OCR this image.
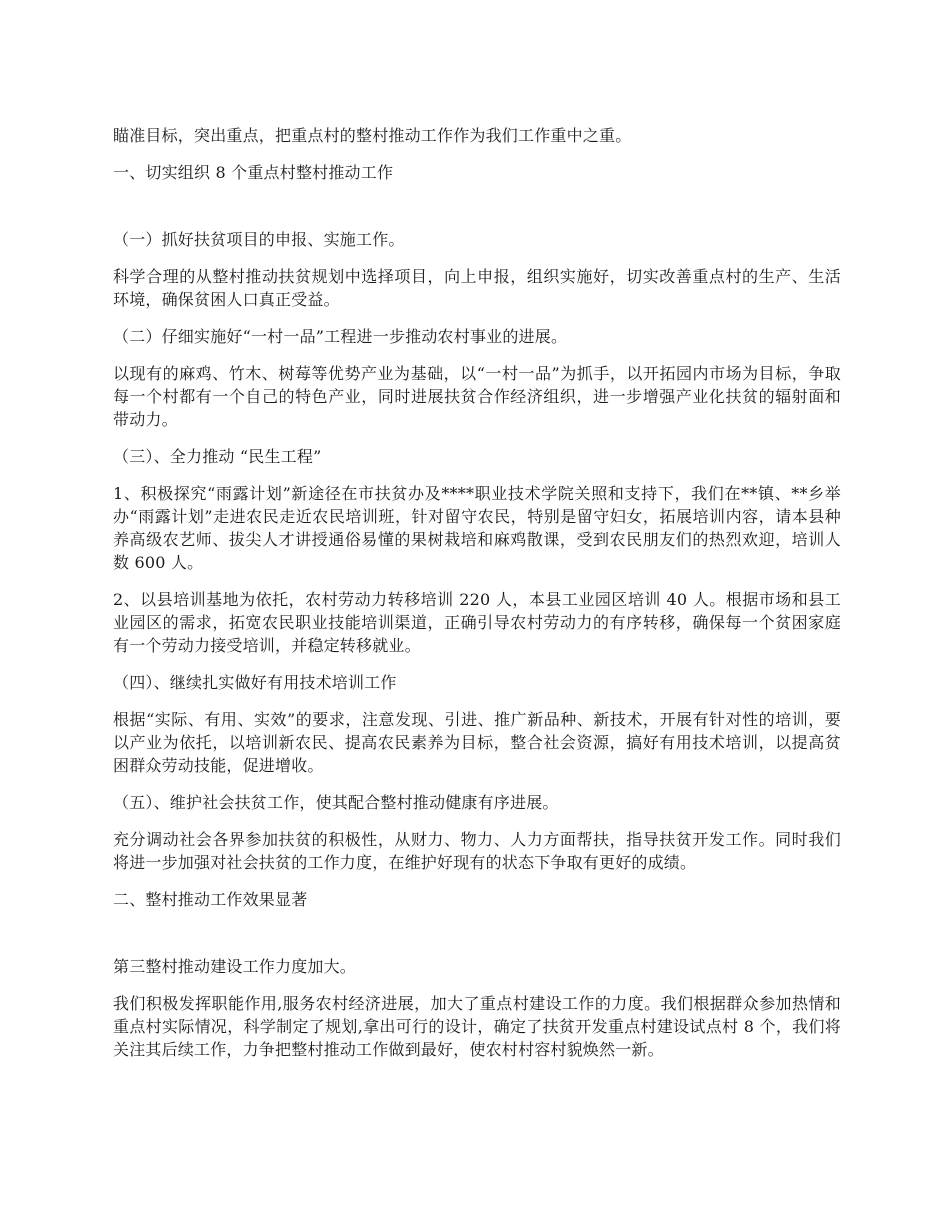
瞄准目标，突出重点，把重点村的整村推动工作作为我们工作重中之重。

一、切实组织 8 个重点村整村推动工作

（一）抓好扶贫项目的申报、实施工作。

科学合理的从整村推动扶贫规划中选择项目，向上申报，组织实施好，切实改善重点村的生产、生活环境，确保贫困人口真正受益。

（二）仔细实施好“一村一品”工程进一步推动农村事业的进展。

以现有的麻鸡、竹木、树莓等优势产业为基础，以“一村一品”为抓手，以开拓园内市场为目标，争取每一个村都有一个自己的特色产业，同时进展扶贫合作经济组织，进一步增强产业化扶贫的辐射面和带动力。

（三）、全力推动 “民生工程”

1、积极探究“雨露计划”新途径在市扶贫办及****职业技术学院关照和支持下，我们在**镇、**乡举办“雨露计划”走进农民走近农民培训班，针对留守农民，特别是留守妇女，拓展培训内容，请本县种养高级农艺师、拔尖人才讲授通俗易懂的果树栽培和麻鸡散课，受到农民朋友们的热烈欢迎，培训人数 600 人。

2、以县培训基地为依托，农村劳动力转移培训 220 人，本县工业园区培训 40 人。根据市场和县工业园区的需求，拓宽农民职业技能培训渠道，正确引导农村劳动力的有序转移，确保每一个贫困家庭有一个劳动力接受培训，并稳定转移就业。

（四）、继续扎实做好有用技术培训工作

根据“实际、有用、实效”的要求，注意发现、引进、推广新品种、新技术，开展有针对性的培训，要以产业为依托，以培训新农民、提高农民素养为目标，整合社会资源，搞好有用技术培训，以提高贫困群众劳动技能，促进增收。

（五）、维护社会扶贫工作，使其配合整村推动健康有序进展。

充分调动社会各界参加扶贫的积极性，从财力、物力、人力方面帮扶，指导扶贫开发工作。同时我们将进一步加强对社会扶贫的工作力度，在维护好现有的状态下争取有更好的成绩。

二、整村推动工作效果显著

第三整村推动建设工作力度加大。

我们积极发挥职能作用,服务农村经济进展，加大了重点村建设工作的力度。我们根据群众参加热情和重点村实际情况，科学制定了规划,拿出可行的设计，确定了扶贫开发重点村建设试点村 8 个，我们将关注其后续工作，力争把整村推动工作做到最好，使农村村容村貌焕然一新。
